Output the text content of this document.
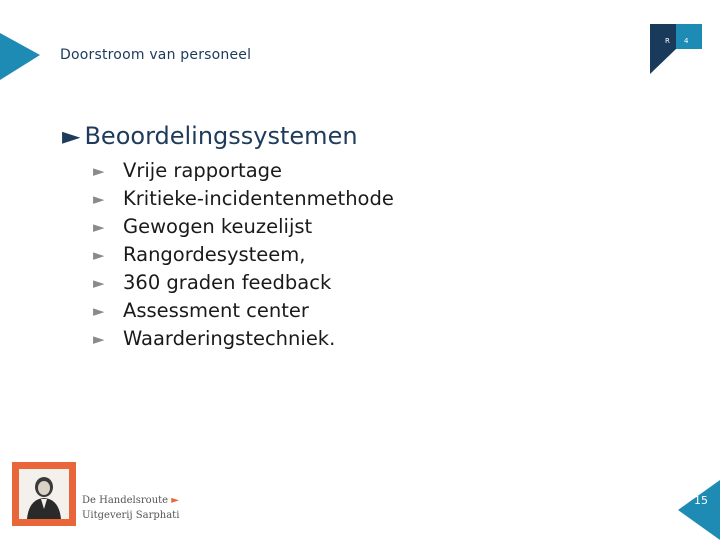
Doorstroom van personeel
R 4
► Beoordelingssystemen
► Vrije rapportage
► Kritieke-incidentenmethode
► Gewogen keuzelijst
► Rangordesysteem,
► 360 graden feedback
► Assessment center
► Waarderingstechniek.
De Handelsroute ►
Uitgeverij Sarphati
15
